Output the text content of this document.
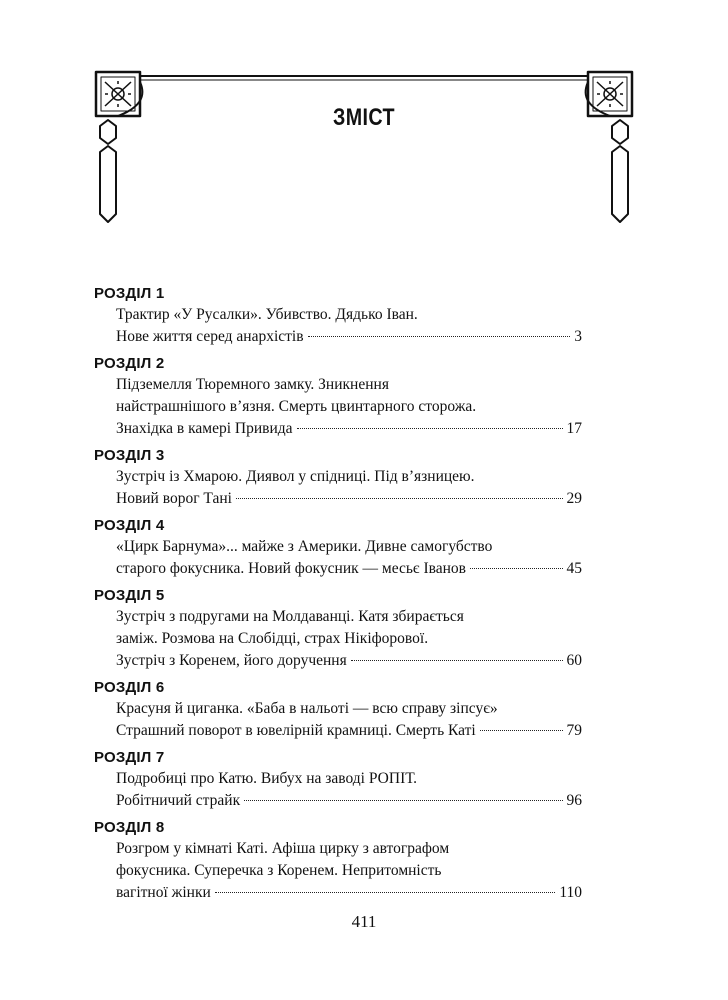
ЗМІСТ
РОЗДІЛ 1
Трактир «У Русалки». Убивство. Дядько Іван.
Нове життя серед анархістів	3
РОЗДІЛ 2
Підземелля Тюремного замку. Зникнення
найстрашнішого в’язня. Смерть цвинтарного сторожа.
Знахідка в камері Привида	17
РОЗДІЛ 3
Зустріч із Хмарою. Диявол у спідниці. Під в’язницею.
Новий ворог Тані	29
РОЗДІЛ 4
«Цирк Барнума»... майже з Америки. Дивне самогубство
старого фокусника. Новий фокусник — месьє Іванов	45
РОЗДІЛ 5
Зустріч з подругами на Молдаванці. Катя збирається
заміж. Розмова на Слобідці, страх Нікіфорової.
Зустріч з Коренем, його доручення	60
РОЗДІЛ 6
Красуня й циганка. «Баба в нальоті — всю справу зіпсує»
Страшний поворот в ювелірній крамниці. Смерть Каті	79
РОЗДІЛ 7
Подробиці про Катю. Вибух на заводі РОПІТ.
Робітничий страйк	96
РОЗДІЛ 8
Розгром у кімнаті Каті. Афіша цирку з автографом
фокусника. Суперечка з Коренем. Непритомність
вагітної жінки	110
411
